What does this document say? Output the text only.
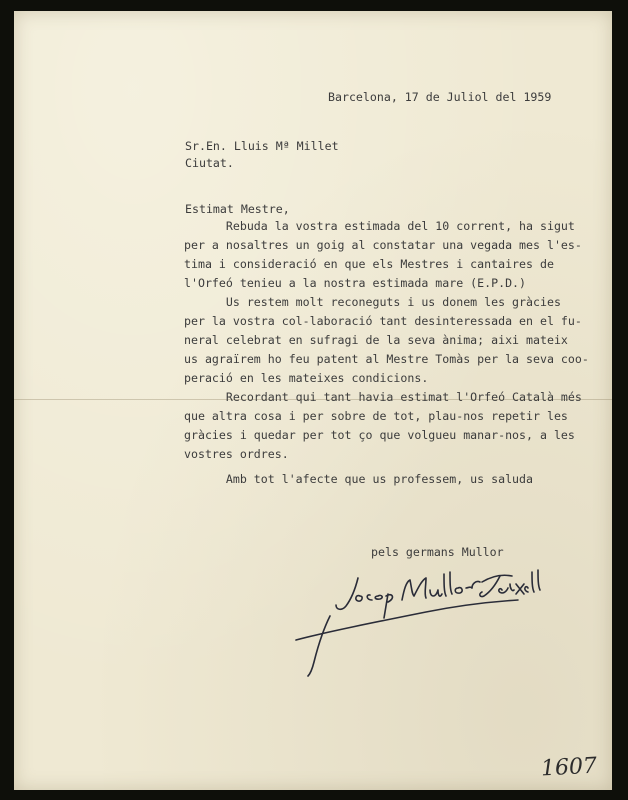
Barcelona, 17 de Juliol del 1959
Sr.En. Lluis Mª Millet
Ciutat.
Estimat Mestre,
Rebuda la vostra estimada del 10 corrent, ha sigut
per a nosaltres un goig al constatar una vegada mes l'es-
tima i consideració en que els Mestres i cantaires de
l'Orfeó tenieu a la nostra estimada mare (E.P.D.)
Us restem molt reconeguts i us donem les gràcies
per la vostra col-laboració tant desinteressada en el fu-
neral celebrat en sufragi de la seva ànima; aixi mateix
us agraïrem ho feu patent al Mestre Tomàs per la seva coo-
peració en les mateixes condicions.
Recordant qui tant havia estimat l'Orfeó Català més
que altra cosa i per sobre de tot, plau-nos repetir les
gràcies i quedar per tot ço que volgueu manar-nos, a les
vostres ordres.
Amb tot l'afecte que us professem, us saluda
pels germans Mullor
1607
